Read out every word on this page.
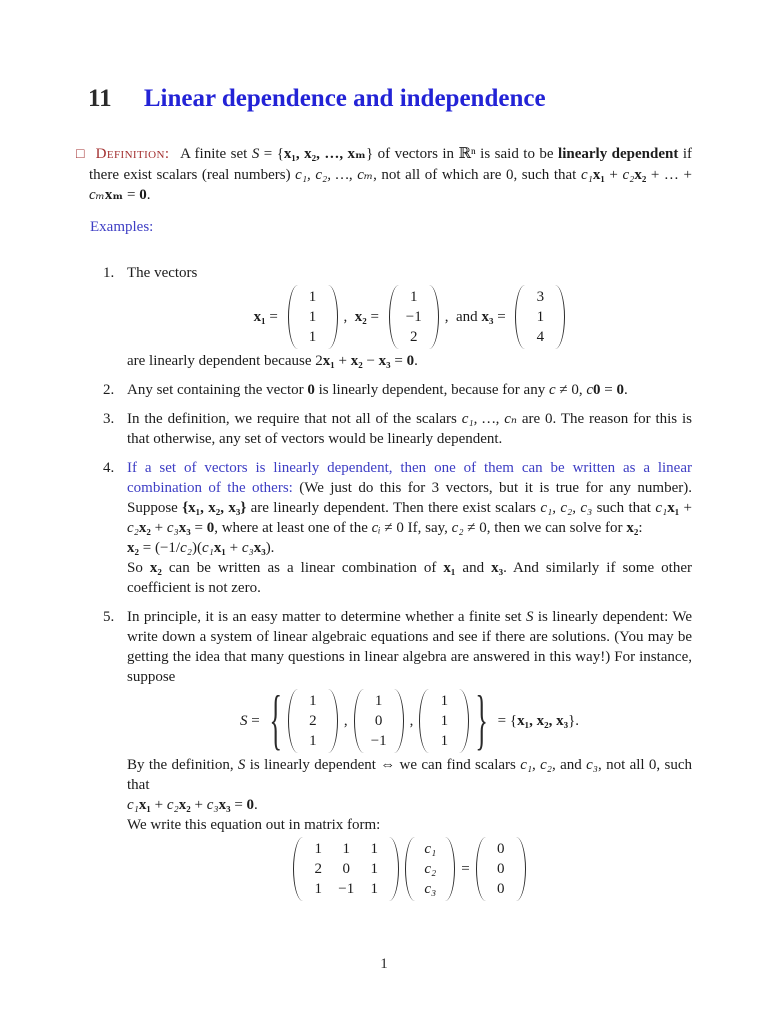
11 Linear dependence and independence

□ Definition: A finite set S = {x₁, x₂, …, xₘ} of vectors in ℝⁿ is said to be linearly dependent if there exist scalars (real numbers) c₁, c₂, …, cₘ, not all of which are 0, such that c₁x₁ + c₂x₂ + … + cₘxₘ = 0.

Examples:

1. The vectors

x₁ =
1
1
1
,  x₂ =
1
−1
2
,  and x₃ =
3
1
4

are linearly dependent because 2x₁ + x₂ − x₃ = 0.

2. Any set containing the vector 0 is linearly dependent, because for any c ≠ 0, c0 = 0.

3. In the definition, we require that not all of the scalars c₁, …, cₙ are 0. The reason for this is that otherwise, any set of vectors would be linearly dependent.

4. If a set of vectors is linearly dependent, then one of them can be written as a linear combination of the others: (We just do this for 3 vectors, but it is true for any number). Suppose {x₁, x₂, x₃} are linearly dependent. Then there exist scalars c₁, c₂, c₃ such that c₁x₁ + c₂x₂ + c₃x₃ = 0, where at least one of the cᵢ ≠ 0 If, say, c₂ ≠ 0, then we can solve for x₂:

x₂ = (−1/c₂)(c₁x₁ + c₃x₃).

So x₂ can be written as a linear combination of x₁ and x₃. And similarly if some other coefficient is not zero.

5. In principle, it is an easy matter to determine whether a finite set S is linearly dependent: We write down a system of linear algebraic equations and see if there are solutions. (You may be getting the idea that many questions in linear algebra are answered in this way!) For instance, suppose

S = { 1
2
1
,
1
0
−1
,
1
1
1 } = {x₁, x₂, x₃}.

By the definition, S is linearly dependent ⇔ we can find scalars c₁, c₂, and c₃, not all 0, such that

c₁x₁ + c₂x₂ + c₃x₃ = 0.

We write this equation out in matrix form:

1 1 1
2 0 1
1 −1 1
c₁
c₂
c₃
=
0
0
0
1
